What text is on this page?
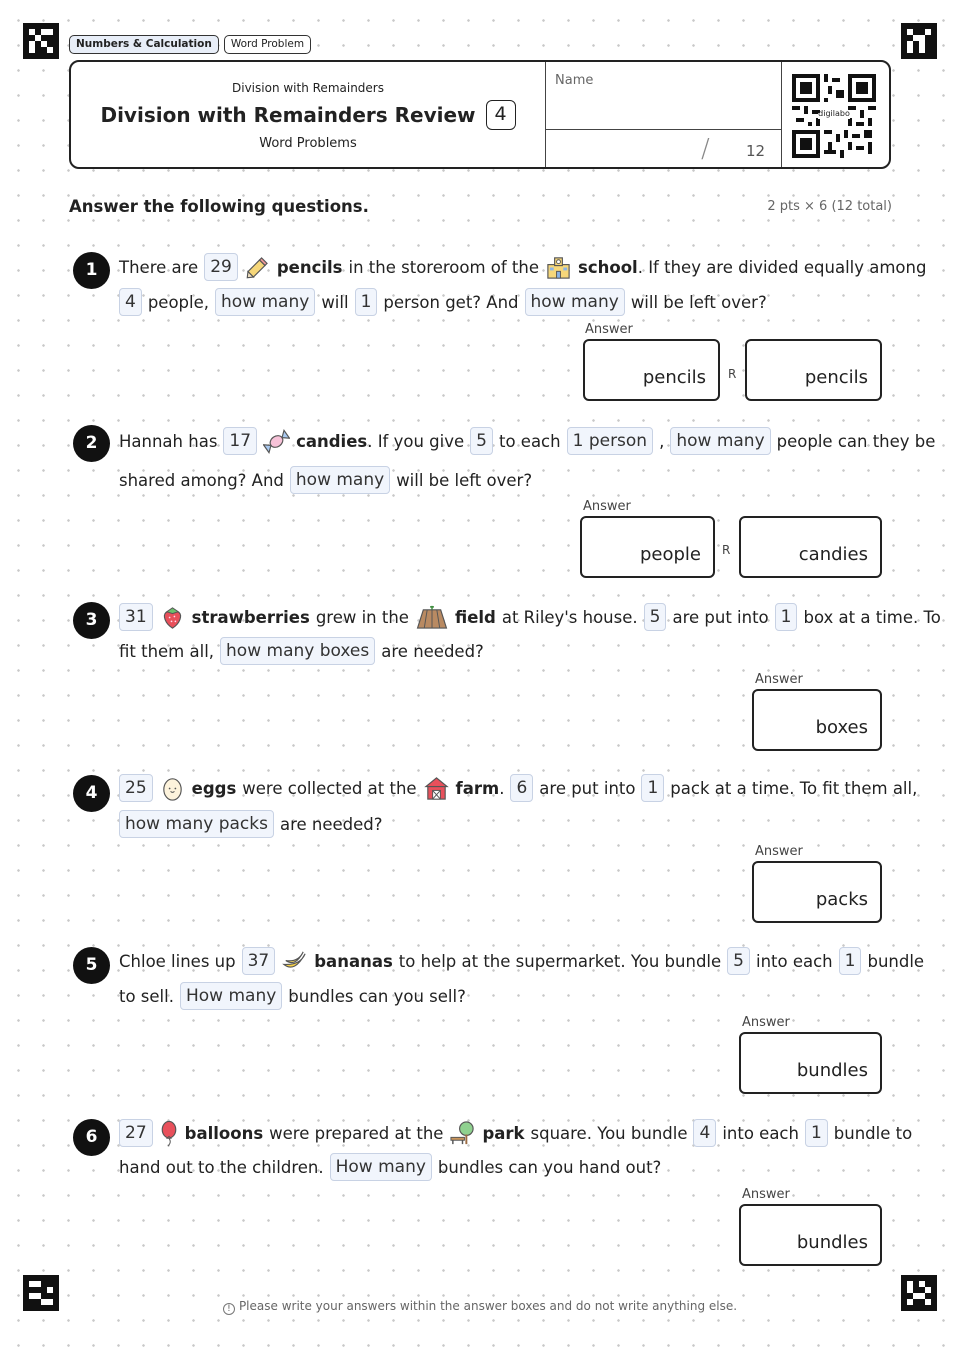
Numbers & Calculation	Word Problem
Division with Remainders
Division with Remainders Review 4
Word Problems
Name
/ 12
digilabo
Answer the following questions.	2 pts × 6 (12 total)
1	There are 29	pencils in the storeroom of the school . If they are divided equally among
4 people, how many will 1 person get? And how many will be left over?
Answer
pencils R	pencils
2	Hannah has 17	candies . If you give 5 to each 1 person , how many people can they be
shared among? And how many will be left over?
Answer
people R	candies
3	31	strawberries grew in the	field at Riley's house. 5 are put into 1 box at a time. To
fit them all, how many boxes are needed?
Answer
boxes
4	25	eggs were collected at the farm . 6 are put into 1 pack at a time. To fit them all,
how many packs are needed?
Answer
packs
5	Chloe lines up 37	bananas to help at the supermarket. You bundle 5 into each 1 bundle
to sell. How many bundles can you sell?
Answer
bundles
6	27	balloons were prepared at the park square. You bundle 4 into each 1 bundle to
hand out to the children. How many bundles can you hand out?
Answer
bundles
! Please write your answers within the answer boxes and do not write anything else.
